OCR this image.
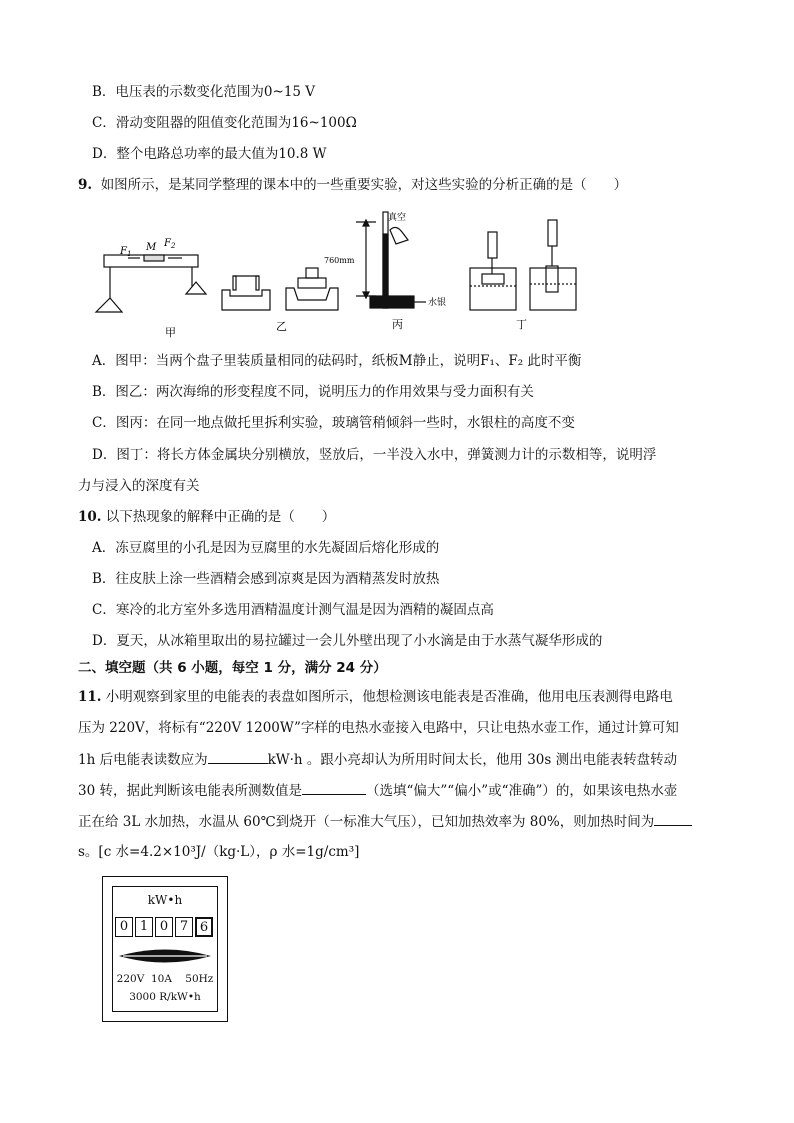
B．电压表的示数变化范围为0~15 V
C．滑动变阻器的阻值变化范围为16~100Ω
D．整个电路总功率的最大值为10.8 W
9. 如图所示，是某同学整理的课本中的一些重要实验，对这些实验的分析正确的是（　　）
$F_1$
M $F_2$
真空
760mm
水银
甲	乙	丙	丁
A．图甲：当两个盘子里装质量相同的砝码时，纸板M静止，说明F₁、F₂ 此时平衡
B．图乙：两次海绵的形变程度不同，说明压力的作用效果与受力面积有关
C．图丙：在同一地点做托里拆利实验，玻璃管稍倾斜一些时，水银柱的高度不变
D．图丁：将长方体金属块分别横放，竖放后，一半没入水中，弹簧测力计的示数相等，说明浮
力与浸入的深度有关
10. 以下热现象的解释中正确的是（　　）
A．冻豆腐里的小孔是因为豆腐里的水先凝固后熔化形成的
B．往皮肤上涂一些酒精会感到凉爽是因为酒精蒸发时放热
C．寒冷的北方室外多选用酒精温度计测气温是因为酒精的凝固点高
D．夏天，从冰箱里取出的易拉罐过一会儿外壁出现了小水滴是由于水蒸气凝华形成的
二、填空题（共 6 小题，每空 1 分，满分 24 分）
11. 小明观察到家里的电能表的表盘如图所示，他想检测该电能表是否准确，他用电压表测得电路电
压为 220V，将标有“220V 1200W”字样的电热水壶接入电路中，只让电热水壶工作，通过计算可知
1h 后电能表读数应为	kW·h 。跟小亮却认为所用时间太长，他用 30s 测出电能表转盘转动
30 转，据此判断该电能表所测数值是	（选填“偏大”“偏小”或“准确”）的，如果该电热水壶
正在给 3L 水加热，水温从 60℃到烧开（一标准大气压），已知加热效率为 80%，则加热时间为
s。[c 水=4.2×10³J/（kg·L），ρ 水=1g/cm³]
kW•h
0 1 0 7 6
220V 10A 50Hz
3000 R/kW•h
